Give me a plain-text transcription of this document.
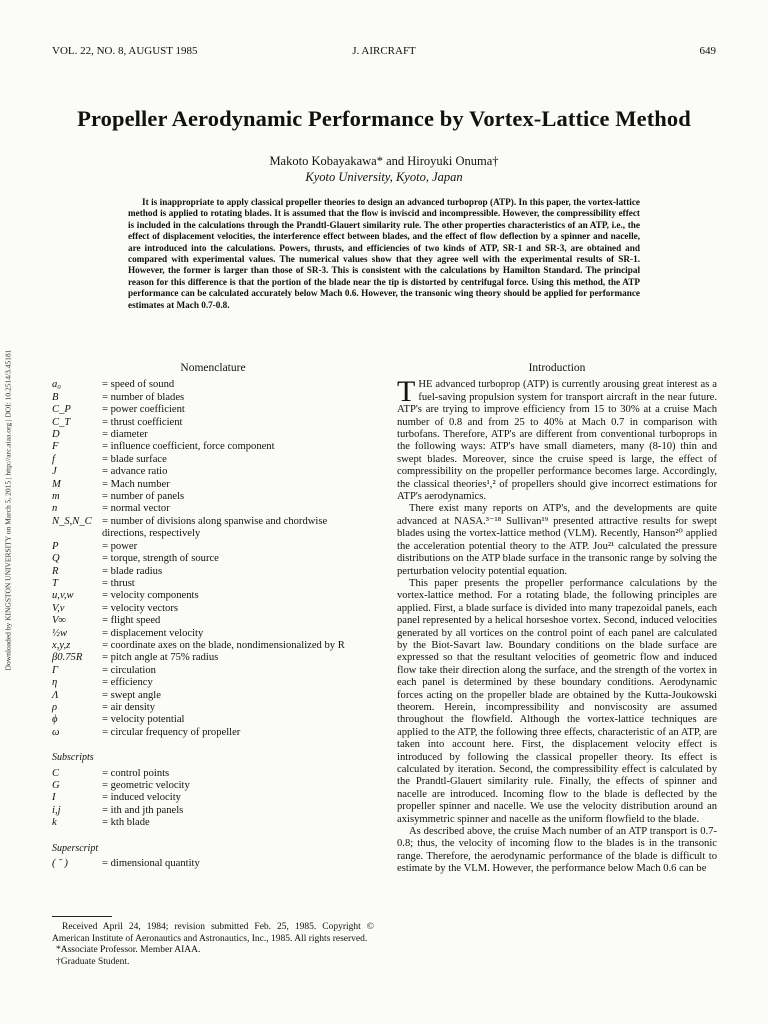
VOL. 22, NO. 8, AUGUST 1985	J. AIRCRAFT	649
Propeller Aerodynamic Performance by Vortex-Lattice Method
Makoto Kobayakawa* and Hiroyuki Onuma†
Kyoto University, Kyoto, Japan

It is inappropriate to apply classical propeller theories to design an advanced turboprop (ATP). In this paper, the vortex-lattice method is applied to rotating blades. It is assumed that the flow is inviscid and incompressible. However, the compressibility effect is included in the calculations through the Prandtl-Glauert similarity rule. The other properties characteristics of an ATP, i.e., the effect of displacement velocities, the interference effect between blades, and the effect of flow deflection by a spinner and nacelle, are introduced into the calculations. Powers, thrusts, and efficiencies of two kinds of ATP, SR-1 and SR-3, are obtained and compared with experimental values. The numerical values show that they agree well with the experimental results of SR-1. However, the former is larger than those of SR-3. This is consistent with the calculations by Hamilton Standard. The principal reason for this difference is that the portion of the blade near the tip is distorted by centrifugal force. Using this method, the ATP performance can be calculated accurately below Mach 0.6. However, the transonic wing theory should be applied for performance estimates at Mach 0.7-0.8.

Downloaded by KINGSTON UNIVERSITY on March 5, 2015 | http://arc.aiaa.org | DOI: 10.2514/3.45181	Nomenclature
a₀	= speed of sound
B	= number of blades
C_P	= power coefficient
C_T	= thrust coefficient
D	= diameter
F	= influence coefficient, force component
f	= blade surface
J	= advance ratio
M	= Mach number
m	= number of panels
n	= normal vector
N_S,N_C = number of divisions along spanwise and chordwise directions, respectively
P	= power
Q	= torque, strength of source
R	= blade radius
T	= thrust
u,v,w	= velocity components
V,v	= velocity vectors
V∞	= flight speed
½w	= displacement velocity
x,y,z	= coordinate axes on the blade, nondimensionalized by R
β0.75R	= pitch angle at 75% radius
Γ	= circulation
η	= efficiency
Λ	= swept angle
ρ	= air density
ϕ	= velocity potential
ω	= circular frequency of propeller
Subscripts
C	= control points
G	= geometric velocity
I	= induced velocity
i,j	= ith and jth panels
k	= kth blade
Superscript
( ˜ )	= dimensional quantity

Received April 24, 1984; revision submitted Feb. 25, 1985. Copyright © American Institute of Aeronautics and Astronautics, Inc., 1985. All rights reserved.

*Associate Professor. Member AIAA.

†Graduate Student.

Introduction

THE advanced turboprop (ATP) is currently arousing great interest as a fuel-saving propulsion system for transport aircraft in the near future. ATP's are trying to improve efficiency from 15 to 30% at a cruise Mach number of 0.8 and from 25 to 40% at Mach 0.7 in comparison with turbofans. Therefore, ATP's are different from conventional turboprops in the following ways: ATP's have small diameters, many (8-10) thin and swept blades. Moreover, since the cruise speed is large, the effect of compressibility on the propeller performance becomes large. Accordingly, the classical theories¹,² of propellers should give incorrect estimations for ATP's aerodynamics.

There exist many reports on ATP's, and the developments are quite advanced at NASA.³⁻¹⁸ Sullivan¹⁹ presented attractive results for swept blades using the vortex-lattice method (VLM). Recently, Hanson²⁰ applied the acceleration potential theory to the ATP. Jou²¹ calculated the pressure distributions on the ATP blade surface in the transonic range by solving the perturbation velocity potential equation.

This paper presents the propeller performance calculations by the vortex-lattice method. For a rotating blade, the following principles are applied. First, a blade surface is divided into many trapezoidal panels, each panel represented by a helical horseshoe vortex. Second, induced velocities generated by all vortices on the control point of each panel are calculated by the Biot-Savart law. Boundary conditions on the blade surface are expressed so that the resultant velocities of geometric flow and induced flow take their direction along the surface, and the strength of the vortex in each panel is determined by these boundary conditions. Aerodynamic forces acting on the propeller blade are obtained by the Kutta-Joukowski theorem. Herein, incompressibility and nonviscosity are assumed throughout the flowfield. Although the vortex-lattice techniques are applied to the ATP, the following three effects, characteristic of an ATP, are taken into account here. First, the displacement velocity effect is introduced by following the classical propeller theory. Its effect is calculated by iteration. Second, the compressibility effect is calculated by the Prandtl-Glauert similarity rule. Finally, the effects of spinner and nacelle are introduced. Incoming flow to the blade is deflected by the propeller spinner and nacelle. We use the velocity distribution around an axisymmetric spinner and nacelle as the uniform flowfield to the blade.

As described above, the cruise Mach number of an ATP transport is 0.7-0.8; thus, the velocity of incoming flow to the blades is in the transonic range. Therefore, the aerodynamic performance of the blade is difficult to estimate by the VLM. However, the performance below Mach 0.6 can be
